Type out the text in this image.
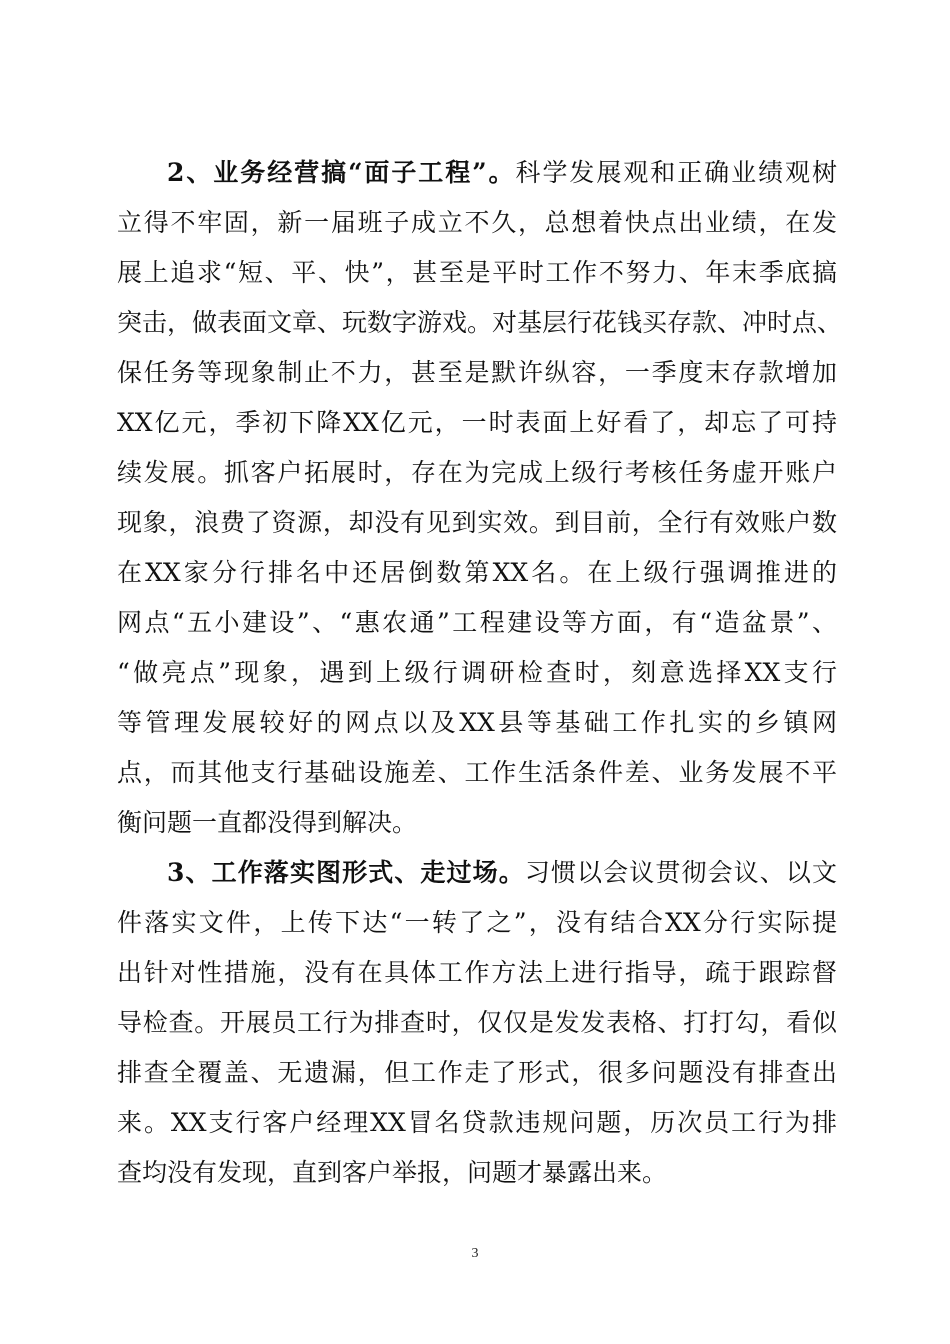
2、业务经营搞“面子工程”。科学发展观和正确业绩观树
立得不牢固，新一届班子成立不久，总想着快点出业绩，在发
展上追求“短、平、快”，甚至是平时工作不努力、年末季底搞
突击，做表面文章、玩数字游戏。对基层行花钱买存款、冲时点、
保任务等现象制止不力，甚至是默许纵容，一季度末存款增加
XX亿元，季初下降XX亿元，一时表面上好看了，却忘了可持
续发展。抓客户拓展时，存在为完成上级行考核任务虚开账户
现象，浪费了资源，却没有见到实效。到目前，全行有效账户数
在XX家分行排名中还居倒数第XX名。在上级行强调推进的
网点“五小建设”、“惠农通”工程建设等方面，有“造盆景”、
“做亮点”现象，遇到上级行调研检查时，刻意选择XX支行
等管理发展较好的网点以及XX县等基础工作扎实的乡镇网
点，而其他支行基础设施差、工作生活条件差、业务发展不平
衡问题一直都没得到解决。
3、工作落实图形式、走过场。习惯以会议贯彻会议、以文
件落实文件，上传下达“一转了之”，没有结合XX分行实际提
出针对性措施，没有在具体工作方法上进行指导，疏于跟踪督
导检查。开展员工行为排查时，仅仅是发发表格、打打勾，看似
排查全覆盖、无遗漏，但工作走了形式，很多问题没有排查出
来。XX支行客户经理XX冒名贷款违规问题，历次员工行为排
查均没有发现，直到客户举报，问题才暴露出来。
3
